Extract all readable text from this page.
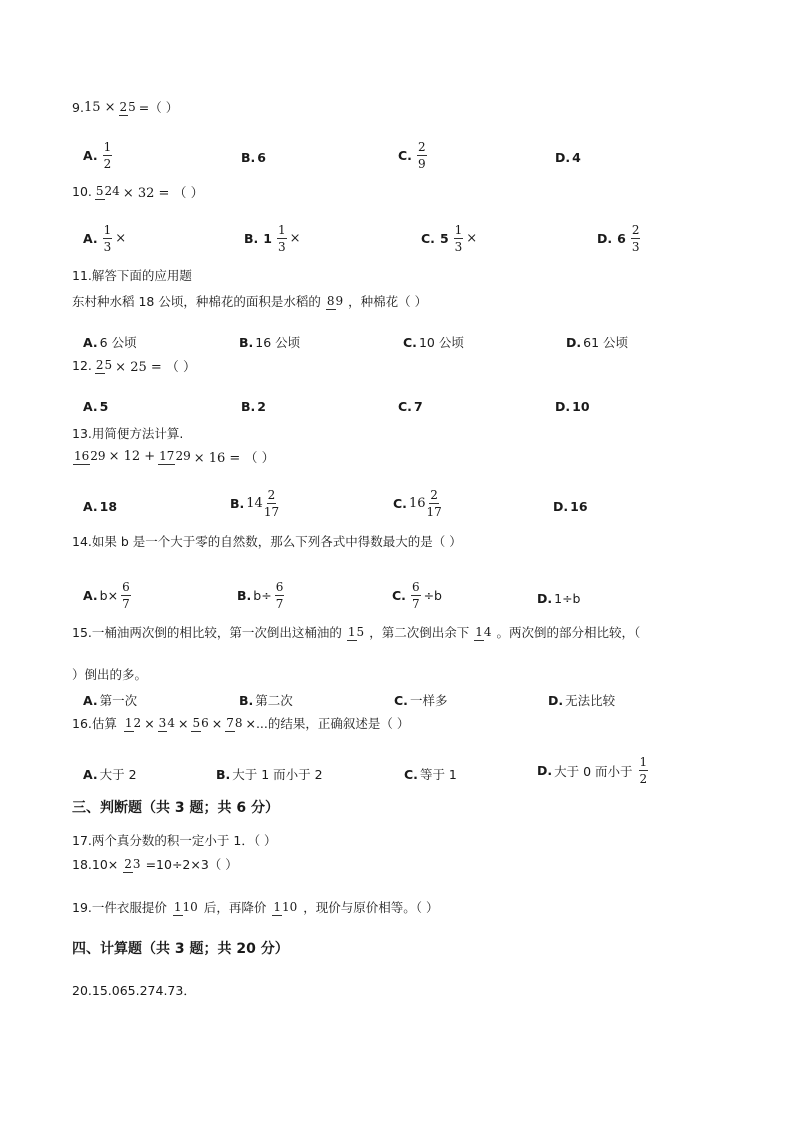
9. 15 × 25 =（ ）
A. $\frac{1}{2}$	B. 6	C. $\frac{2}{9}$	D. 4
10. 524 × 32 = （ ）
A. $\frac{1}{3}$ ×	B. $1 \frac{1}{3}$ ×	C. $5 \frac{1}{3}$ ×	D. $6 \frac{2}{3}$
11. 解答下面的应用题
东村种水稻 18 公顷，种棉花的面积是水稻的 89 ，种棉花（ ）
A. 6 公顷	B. 16 公顷	C. 10 公顷	D. 61 公顷
12. 25 × 25 = （ ）
A. 5	B. 2	C. 7	D. 10
13. 用简便方法计算.
1629 × 12 + 1729 × 16 = （ ）
A. 18	B. $14 \frac{2}{17}$	C. $16 \frac{2}{17}$	D. 16
14. 如果 b 是一个大于零的自然数，那么下列各式中得数最大的是（ ）
A. $b\times \frac{6}{7}$	B. $b\div \frac{6}{7}$	C. $\frac{6}{7} \div b$	D. 1÷b
15. 一桶油两次倒的相比较，第一次倒出这桶油的 15 ，第二次倒出余下 14 。两次倒的部分相比较，（
）倒出的多。
A. 第一次	B. 第二次	C. 一样多	D. 无法比较
16. 估算 12 × 34 × 56 × 78 ×...的结果，正确叙述是（ ）
A. 大于 2	B. 大于 1 而小于 2	C. 等于 1	D. 大于 0 而小于 $\frac{1}{2}$
三、判断题（共 3 题；共 6 分）
17. 两个真分数的积一定小于 1．（ ）
18. 10× 23 =10÷2×3（ ）
19. 一件衣服提价 110 后，再降价 110 ，现价与原价相等。（ ）
四、计算题（共 3 题；共 20 分）
20. 15.065.274.73．
